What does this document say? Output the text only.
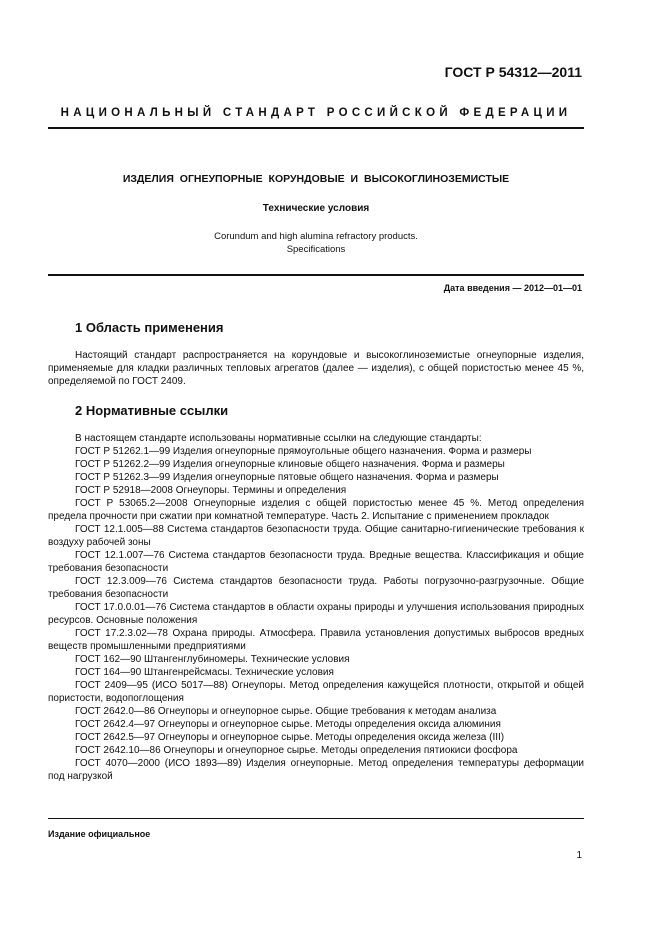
ГОСТ Р 54312—2011
НАЦИОНАЛЬНЫЙ СТАНДАРТ РОССИЙСКОЙ ФЕДЕРАЦИИ
ИЗДЕЛИЯ ОГНЕУПОРНЫЕ КОРУНДОВЫЕ И ВЫСОКОГЛИНОЗЕМИСТЫЕ
Технические условия
Corundum and high alumina refractory products.
Specifications
Дата введения — 2012—01—01
1 Область применения

Настоящий стандарт распространяется на корундовые и высокоглиноземистые огнеупорные изделия, применяемые для кладки различных тепловых агрегатов (далее — изделия), с общей пористостью менее 45 %, определяемой по ГОСТ 2409.

2 Нормативные ссылки

В настоящем стандарте использованы нормативные ссылки на следующие стандарты:

ГОСТ Р 51262.1—99 Изделия огнеупорные прямоугольные общего назначения. Форма и размеры

ГОСТ Р 51262.2—99 Изделия огнеупорные клиновые общего назначения. Форма и размеры

ГОСТ Р 51262.3—99 Изделия огнеупорные пятовые общего назначения. Форма и размеры

ГОСТ Р 52918—2008 Огнеупоры. Термины и определения

ГОСТ Р 53065.2—2008 Огнеупорные изделия с общей пористостью менее 45 %. Метод определения предела прочности при сжатии при комнатной температуре. Часть 2. Испытание с применением прокладок

ГОСТ 12.1.005—88 Система стандартов безопасности труда. Общие санитарно-гигиенические требования к воздуху рабочей зоны

ГОСТ 12.1.007—76 Система стандартов безопасности труда. Вредные вещества. Классификация и общие требования безопасности

ГОСТ 12.3.009—76 Система стандартов безопасности труда. Работы погрузочно-разгрузочные. Общие требования безопасности

ГОСТ 17.0.0.01—76 Система стандартов в области охраны природы и улучшения использования природных ресурсов. Основные положения

ГОСТ 17.2.3.02—78 Охрана природы. Атмосфера. Правила установления допустимых выбросов вредных веществ промышленными предприятиями

ГОСТ 162—90 Штангенглубиномеры. Технические условия

ГОСТ 164—90 Штангенрейсмасы. Технические условия

ГОСТ 2409—95 (ИСО 5017—88) Огнеупоры. Метод определения кажущейся плотности, открытой и общей пористости, водопоглощения

ГОСТ 2642.0—86 Огнеупоры и огнеупорное сырье. Общие требования к методам анализа

ГОСТ 2642.4—97 Огнеупоры и огнеупорное сырье. Методы определения оксида алюминия

ГОСТ 2642.5—97 Огнеупоры и огнеупорное сырье. Методы определения оксида железа (III)

ГОСТ 2642.10—86 Огнеупоры и огнеупорное сырье. Методы определения пятиокиси фосфора

ГОСТ 4070—2000 (ИСО 1893—89) Изделия огнеупорные. Метод определения температуры деформации под нагрузкой

Издание официальное
1
